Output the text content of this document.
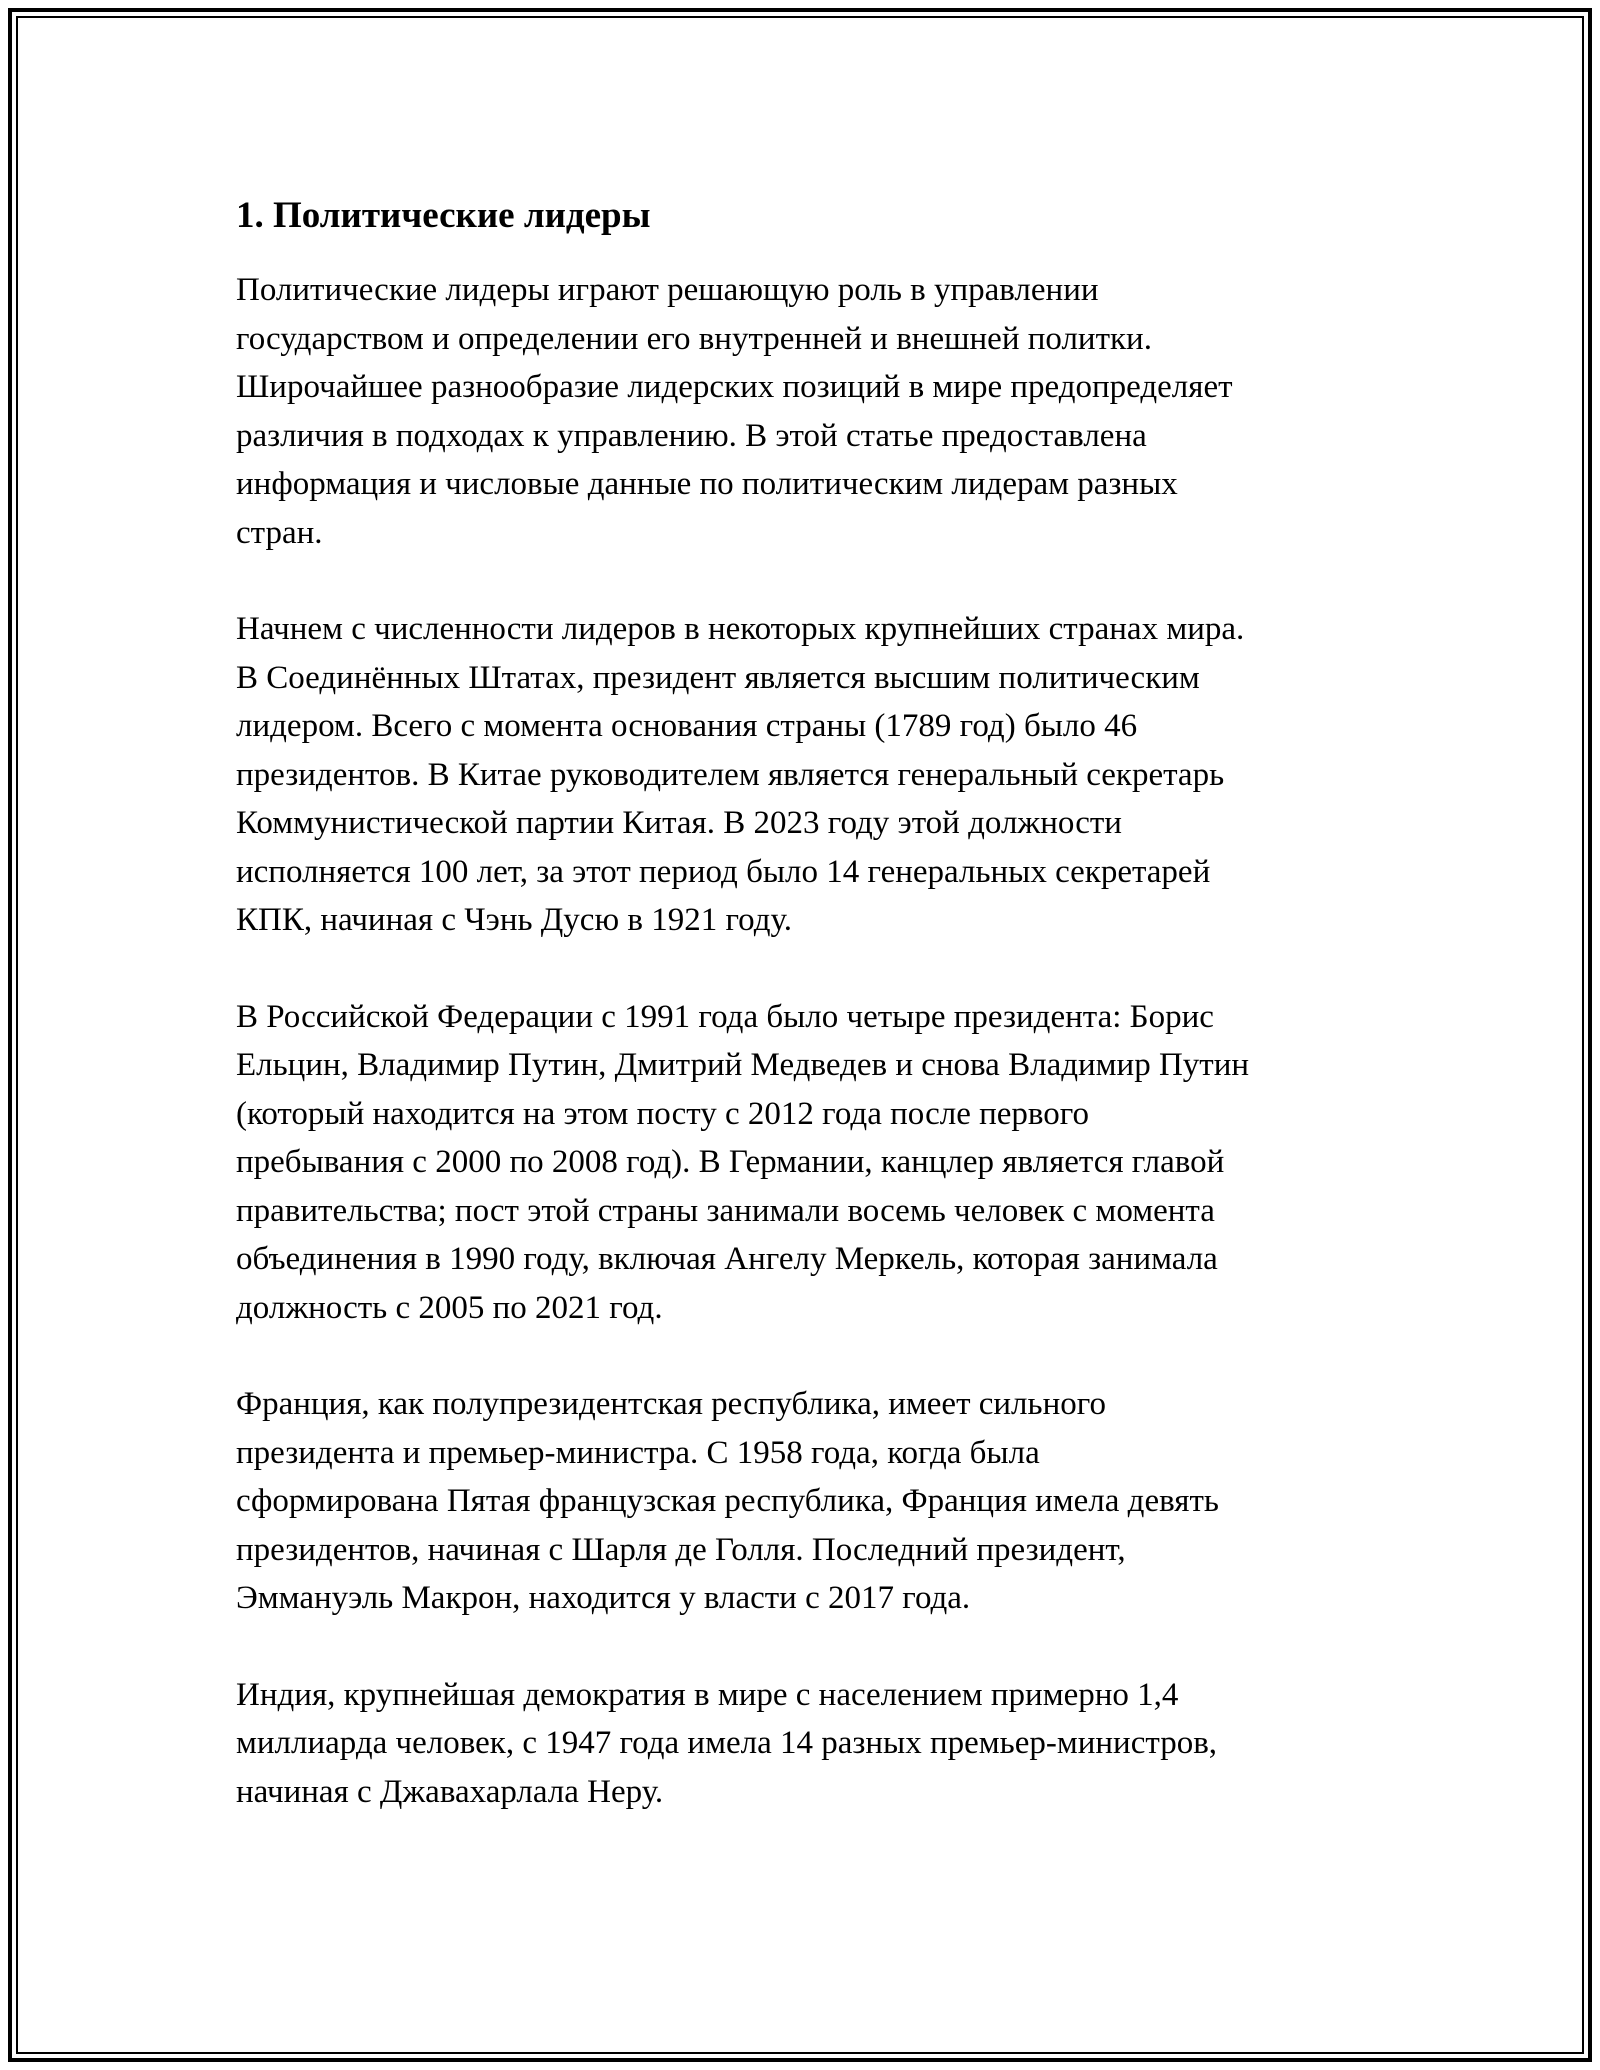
1. Политические лидеры

Политические лидеры играют решающую роль в управлении
государством и определении его внутренней и внешней политки.
Широчайшее разнообразие лидерских позиций в мире предопределяет
различия в подходах к управлению. В этой статье предоставлена
информация и числовые данные по политическим лидерам разных
стран.

Начнем с численности лидеров в некоторых крупнейших странах мира.
В Соединённых Штатах, президент является высшим политическим
лидером. Всего с момента основания страны (1789 год) было 46
президентов. В Китае руководителем является генеральный секретарь
Коммунистической партии Китая. В 2023 году этой должности
исполняется 100 лет, за этот период было 14 генеральных секретарей
КПК, начиная с Чэнь Дусю в 1921 году.

В Российской Федерации с 1991 года было четыре президента: Борис
Ельцин, Владимир Путин, Дмитрий Медведев и снова Владимир Путин
(который находится на этом посту с 2012 года после первого
пребывания с 2000 по 2008 год). В Германии, канцлер является главой
правительства; пост этой страны занимали восемь человек с момента
объединения в 1990 году, включая Ангелу Меркель, которая занимала
должность с 2005 по 2021 год.

Франция, как полупрезидентская республика, имеет сильного
президента и премьер-министра. С 1958 года, когда была
сформирована Пятая французская республика, Франция имела девять
президентов, начиная с Шарля де Голля. Последний президент,
Эммануэль Макрон, находится у власти с 2017 года.

Индия, крупнейшая демократия в мире с населением примерно 1,4
миллиарда человек, с 1947 года имела 14 разных премьер-министров,
начиная с Джавахарлала Неру.
